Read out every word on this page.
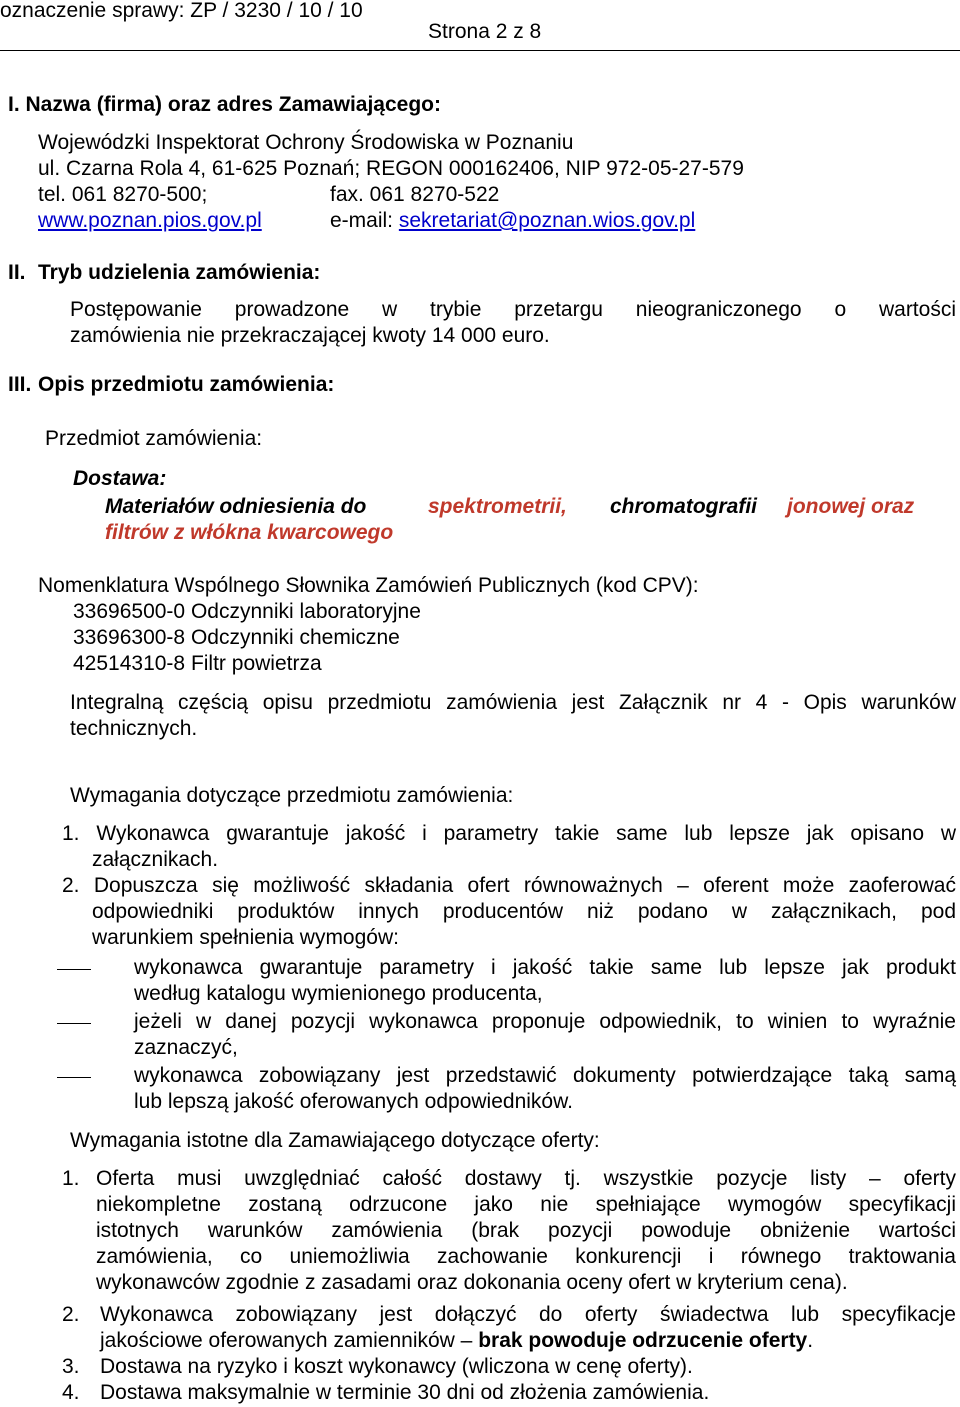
oznaczenie sprawy: ZP / 3230 / 10 / 10
Strona 2 z 8
I. Nazwa (firma) oraz adres Zamawiającego:
Wojewódzki Inspektorat Ochrony Środowiska w Poznaniu
ul. Czarna Rola 4, 61-625 Poznań; REGON 000162406, NIP 972-05-27-579
tel. 061 8270-500;	fax. 061 8270-522
www.poznan.pios.gov.pl	e-mail: sekretariat@poznan.wios.gov.pl
II. Tryb udzielenia zamówienia:
Postępowanie prowadzone w trybie przetargu nieograniczonego o wartości
zamówienia nie przekraczającej kwoty 14 000 euro.
III. Opis przedmiotu zamówienia:
Przedmiot zamówienia:
Dostawa:
Materiałów odniesienia do	spektrometrii, chromatografii jonowej oraz
filtrów z włókna kwarcowego
Nomenklatura Wspólnego Słownika Zamówień Publicznych (kod CPV):
33696500-0 Odczynniki laboratoryjne
33696300-8 Odczynniki chemiczne
42514310-8 Filtr powietrza
Integralną częścią opisu przedmiotu zamówienia jest Załącznik nr 4 - Opis warunków
technicznych.
Wymagania dotyczące przedmiotu zamówienia:
1. Wykonawca gwarantuje jakość i parametry takie same lub lepsze jak opisano w
załącznikach.
2. Dopuszcza się możliwość składania ofert równoważnych – oferent może zaoferować
odpowiedniki produktów innych producentów niż podano w załącznikach, pod
warunkiem spełnienia wymogów:
wykonawca gwarantuje parametry i jakość takie same lub lepsze jak produkt
według katalogu wymienionego producenta,
jeżeli w danej pozycji wykonawca proponuje odpowiednik, to winien to wyraźnie
zaznaczyć,
wykonawca zobowiązany jest przedstawić dokumenty potwierdzające taką samą
lub lepszą jakość oferowanych odpowiedników.
Wymagania istotne dla Zamawiającego dotyczące oferty:
1. Oferta musi uwzględniać całość dostawy tj. wszystkie pozycje listy – oferty
niekompletne zostaną odrzucone jako nie spełniające wymogów specyfikacji
istotnych warunków zamówienia (brak pozycji powoduje obniżenie wartości
zamówienia, co uniemożliwia zachowanie konkurencji i równego traktowania
wykonawców zgodnie z zasadami oraz dokonania oceny ofert w kryterium cena).
2. Wykonawca zobowiązany jest dołączyć do oferty świadectwa lub specyfikacje
jakościowe oferowanych zamienników – brak powoduje odrzucenie oferty.
3. Dostawa na ryzyko i koszt wykonawcy (wliczona w cenę oferty).
4. Dostawa maksymalnie w terminie 30 dni od złożenia zamówienia.
